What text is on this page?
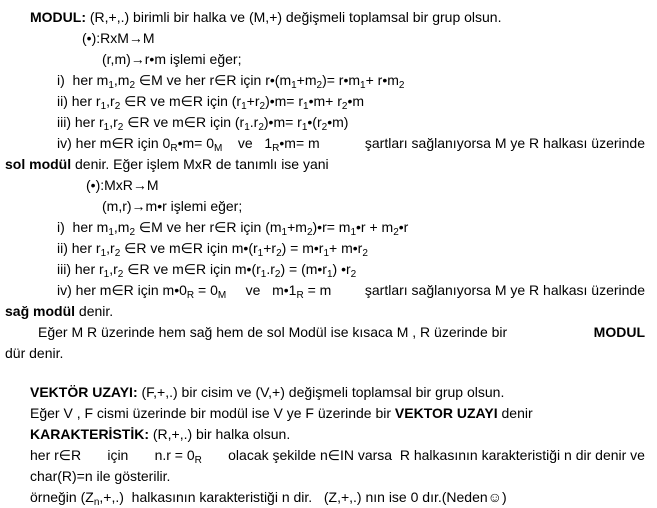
MODUL: (R,+,.) birimli bir halka ve (M,+) değişmeli toplamsal bir grup olsun.
(•):RxM→M
(r,m)→r•m işlemi eğer;
i)  her $m_1,m_2$ ∈M ve her r∈R için $r•(m_1+m_2)=$ $r•m_1+$ $r•m_2$
ii) her $r_1,r_2$ ∈R ve m∈R için $(r_1+r_2)•m=$ $r_1•m+$ $r_2•m$
iii) her $r_1,r_2$ ∈R ve m∈R için $(r_1.r_2)•m=$ $r_1•(r_2•m)$
iv) her m∈R için $0_R•m= 0_M$    ve   $1_R•m= m$	şartları sağlanıyorsa M ye R halkası üzerinde
sol modül denir. Eğer işlem MxR de tanımlı ise yani
(•):MxR→M
(m,r)→m•r işlemi eğer;
i)  her $m_1,m_2$ ∈M ve her r∈R için $(m_1+m_2)•r=$ $m_1•r$ + $m_2•r$
ii) her $r_1,r_2$ ∈R ve m∈R için $m•(r_1+r_2)$ = $m•r_1+$ $m•r_2$
iii) her $r_1,r_2$ ∈R ve m∈R için $m•(r_1.r_2)$ = $(m•r_1)$ $•r_2$
iv) her m∈R için $m•0_R = 0_M$     ve   $m•1_R = m$ şartları sağlanıyorsa M ye R halkası üzerinde
sağ modül denir.
Eğer M R üzerinde hem sağ hem de sol Modül ise kısaca M , R üzerinde bir	MODUL
dür denir.
VEKTÖR UZAYI: (F,+,.) bir cisim ve (V,+) değişmeli toplamsal bir grup olsun.
Eğer V , F cismi üzerinde bir modül ise V ye F üzerinde bir VEKTOR UZAYI denir
KARAKTERİSTİK: (R,+,.) bir halka olsun.
her r∈R için $n.r = 0_R$ olacak şekilde n∈IN varsa  R halkasının karakteristiği n dir denir ve
char(R)=n ile gösterilir.
örneğin $(Z_n,+,.)$  halkasının karakteristiği n dir.   (Z,+,.) nın ise 0 dır.(Neden☺)
